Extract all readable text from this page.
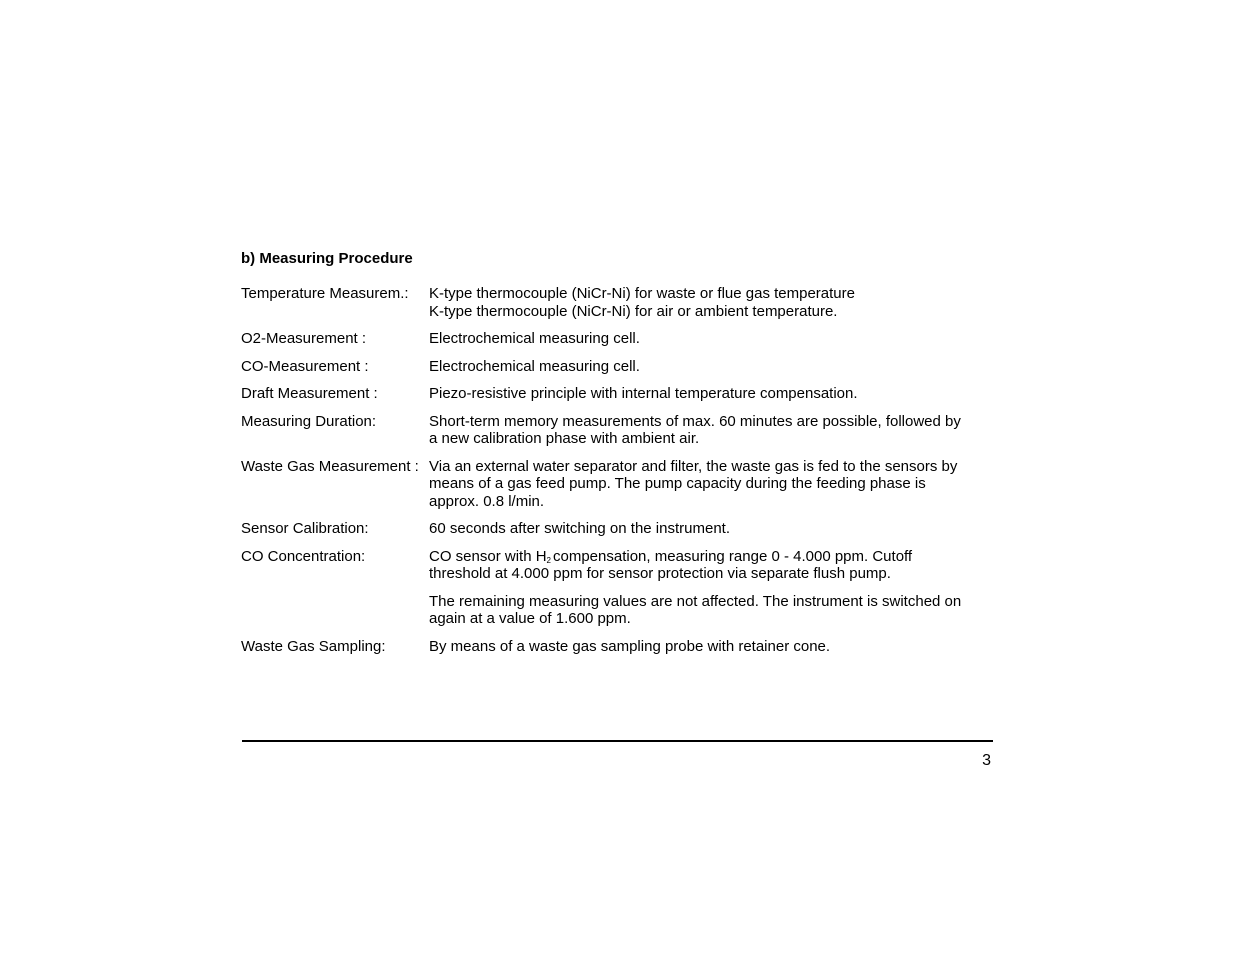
b) Measuring Procedure
Temperature Measurem.:	K-type thermocouple (NiCr-Ni) for waste or flue gas temperature
K-type thermocouple (NiCr-Ni) for air or ambient temperature.
O2-Measurement :	Electrochemical measuring cell.
CO-Measurement :	Electrochemical measuring cell.
Draft Measurement :	Piezo-resistive principle with internal temperature compensation.
Measuring Duration:	Short-term memory measurements of max. 60 minutes are possible, followed by
a new calibration phase with ambient air.
Waste Gas Measurement : Via an external water separator and filter, the waste gas is fed to the sensors by
means of a gas feed pump. The pump capacity during the feeding phase is
approx. 0.8 l/min.
Sensor Calibration:	60 seconds after switching on the instrument.
CO Concentration:	CO sensor with $H_2$ compensation, measuring range 0 - 4.000 ppm. Cutoff
threshold at 4.000 ppm for sensor protection via separate flush pump.
The remaining measuring values are not affected. The instrument is switched on
again at a value of 1.600 ppm.
Waste Gas Sampling:	By means of a waste gas sampling probe with retainer cone.
3
